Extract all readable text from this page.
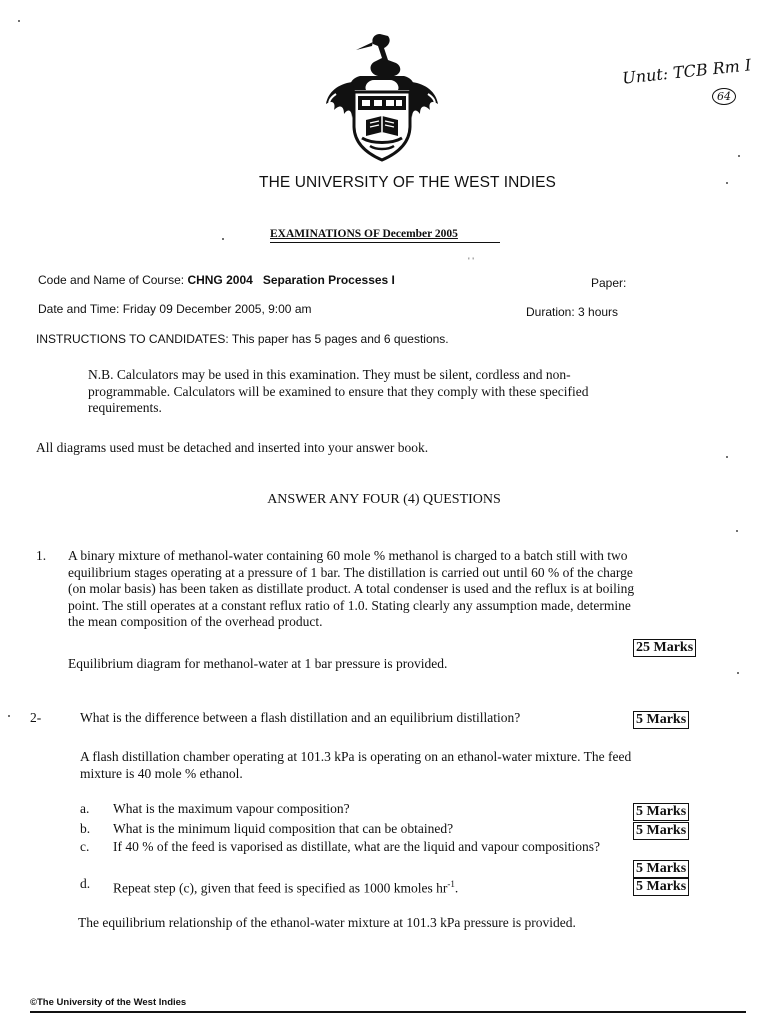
Unut: TCB Rm I
64
THE UNIVERSITY OF THE WEST INDIES
EXAMINATIONS OF December 2005
' '
Code and Name of Course: CHNG 2004 Separation Processes I	Paper:
Date and Time: Friday 09 December 2005, 9:00 am	Duration: 3 hours
INSTRUCTIONS TO CANDIDATES: This paper has 5 pages and 6 questions.
N.B. Calculators may be used in this examination. They must be silent, cordless and non-
programmable. Calculators will be examined to ensure that they comply with these specified
requirements.
All diagrams used must be detached and inserted into your answer book.
ANSWER ANY FOUR (4) QUESTIONS
1. A binary mixture of methanol-water containing 60 mole % methanol is charged to a batch still with two
equilibrium stages operating at a pressure of 1 bar. The distillation is carried out until 60 % of the charge
(on molar basis) has been taken as distillate product. A total condenser is used and the reflux is at boiling
point. The still operates at a constant reflux ratio of 1.0. Stating clearly any assumption made, determine
the mean composition of the overhead product.
25 Marks
Equilibrium diagram for methanol-water at 1 bar pressure is provided.
2-	What is the difference between a flash distillation and an equilibrium distillation?	5 Marks
A flash distillation chamber operating at 101.3 kPa is operating on an ethanol-water mixture. The feed
mixture is 40 mole % ethanol.
a. What is the maximum vapour composition?	5 Marks
b. What is the minimum liquid composition that can be obtained?	5 Marks
c. If 40 % of the feed is vaporised as distillate, what are the liquid and vapour compositions?
5 Marks
d. Repeat step (c), given that feed is specified as 1000 kmoles $hr^{-1}$.	5 Marks
The equilibrium relationship of the ethanol-water mixture at 101.3 kPa pressure is provided.
©The University of the West Indies
